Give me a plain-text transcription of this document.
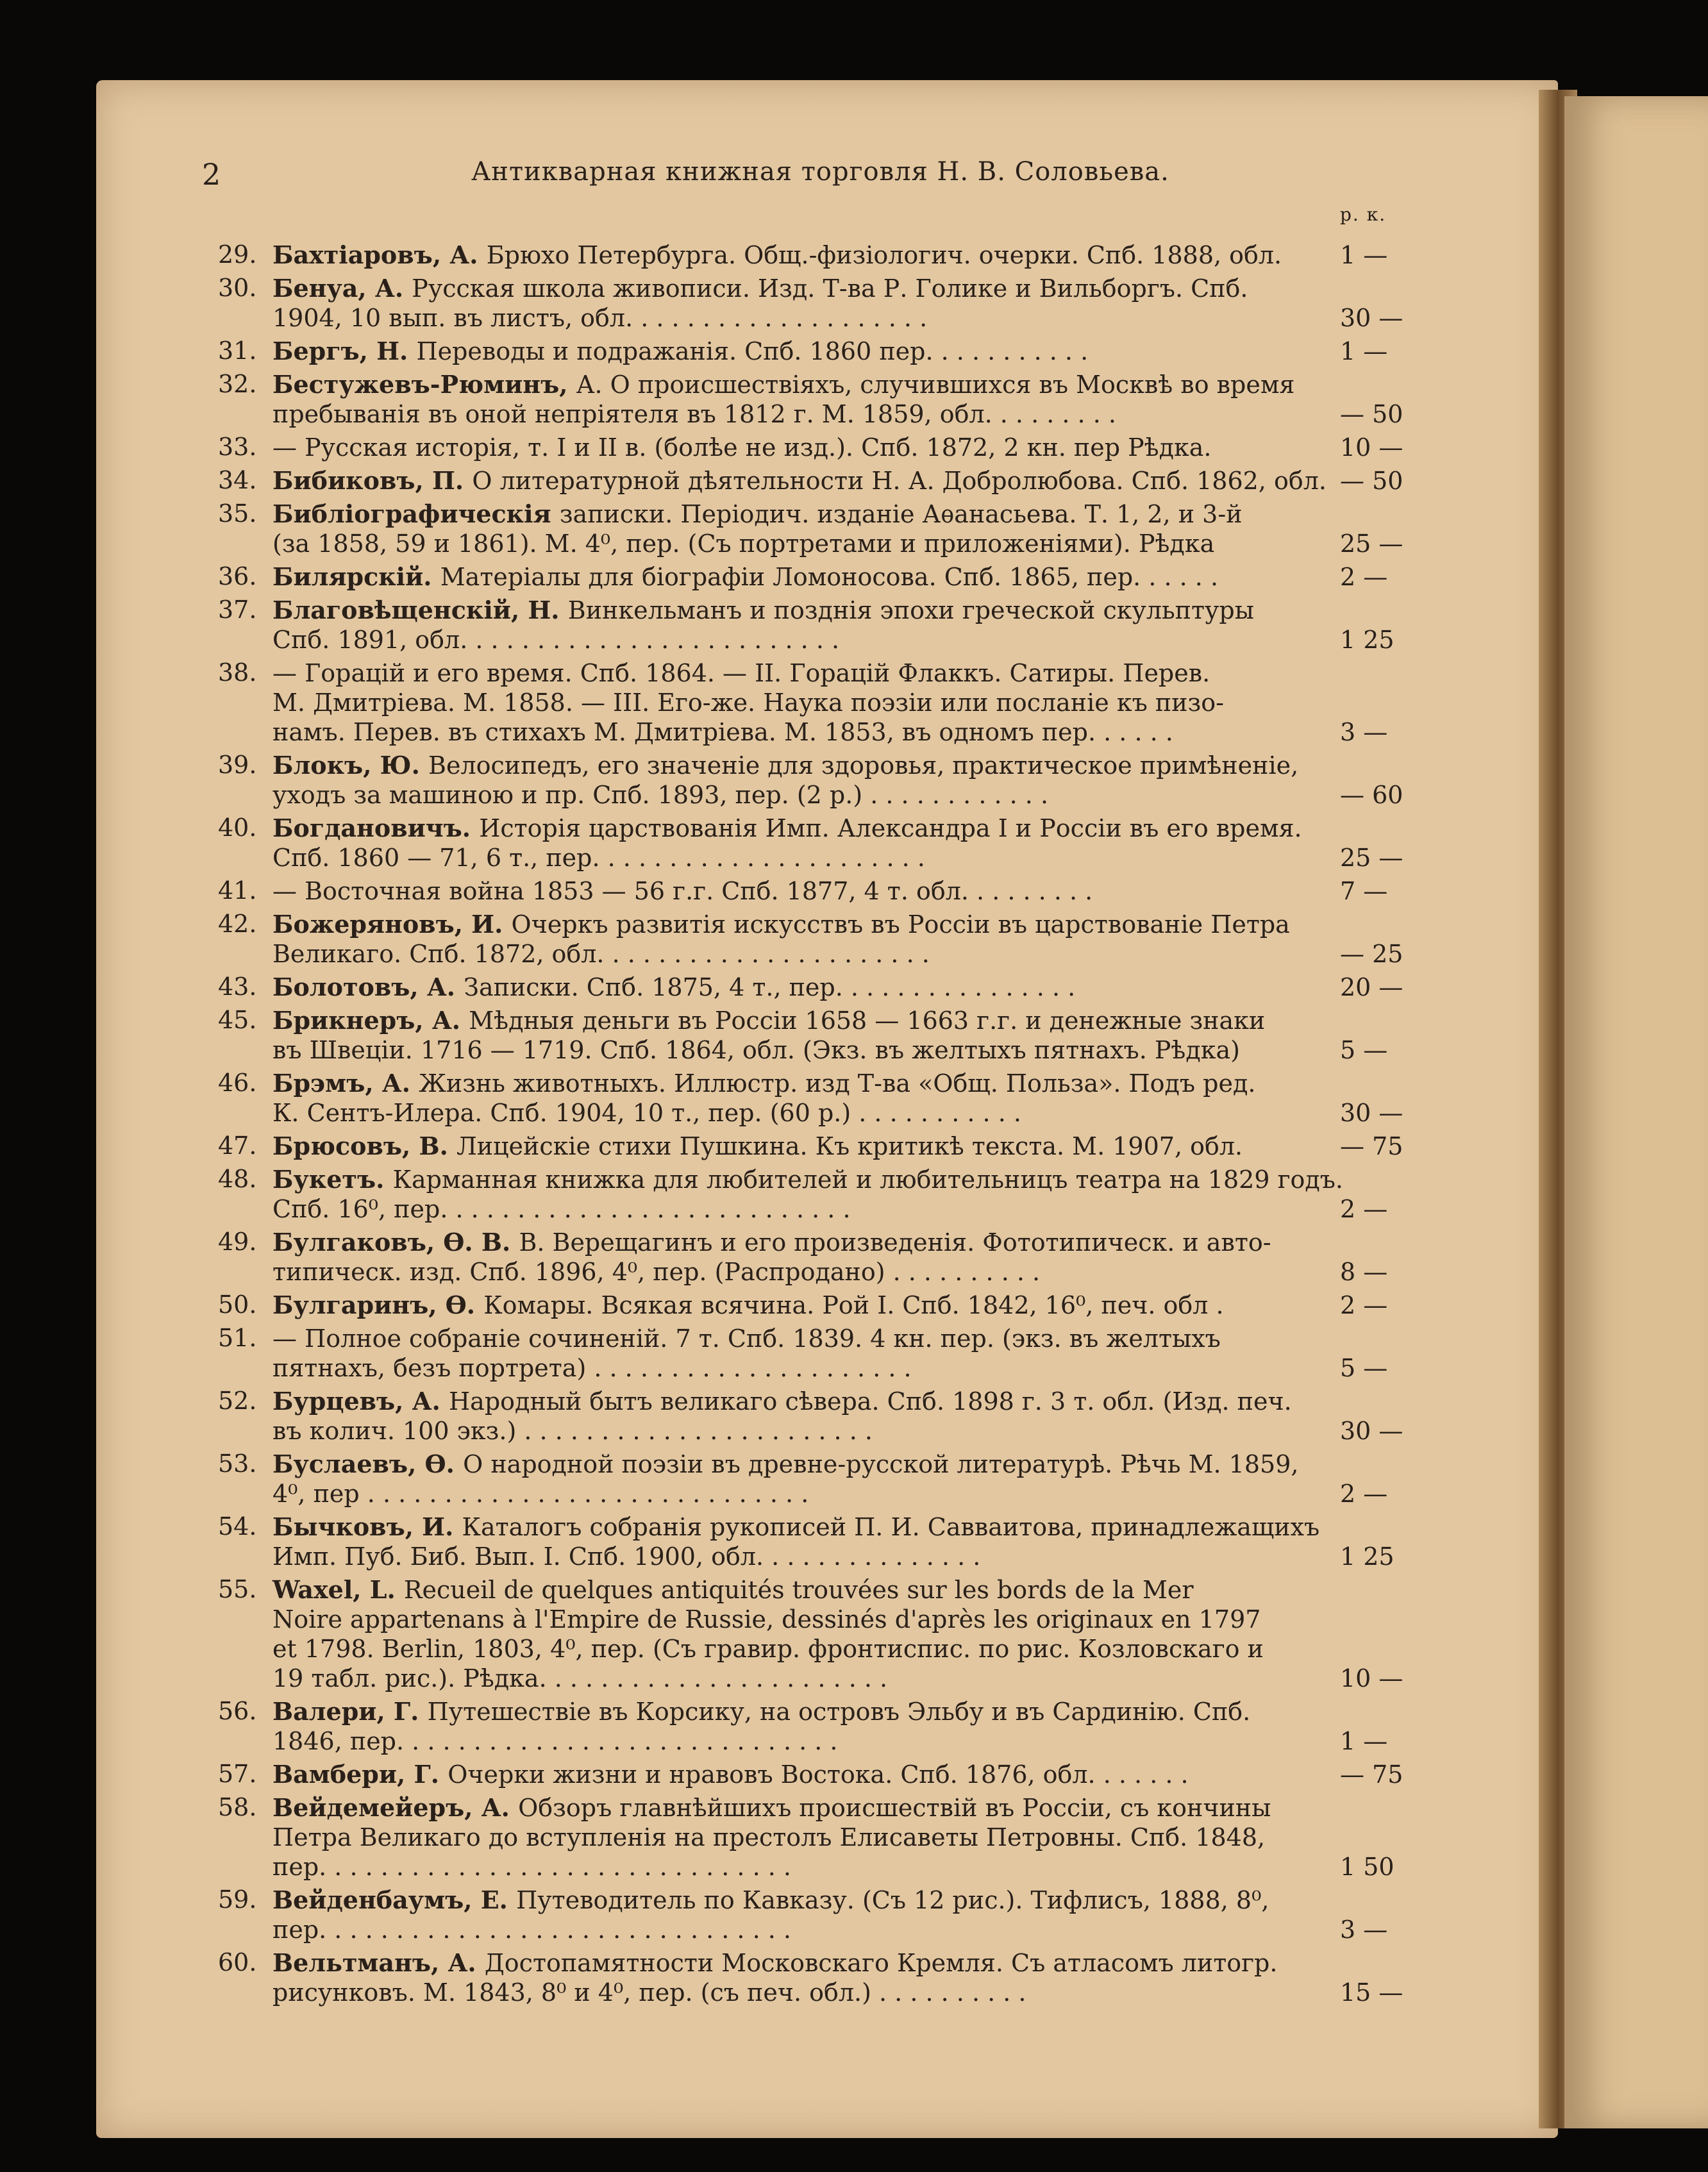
2	Антикварная книжная торговля Н. В. Соловьева.
р. к.
29. Бахтіаровъ, А. Брюхо Петербурга. Общ.-физіологич. очерки. Спб. 1888, обл.	1 —
30. Бенуа, А. Русская школа живописи. Изд. Т-ва Р. Голике и Вильборгъ. Спб.
1904, 10 вып. въ листъ, обл. . . . . . . . . . . . . . . . . . . .	30 —
31. Бергъ, Н. Переводы и подражанія. Спб. 1860 пер. . . . . . . . . . .	1 —
32. Бестужевъ-Рюминъ, А. О происшествіяхъ, случившихся въ Москвѣ во время
пребыванія въ оной непріятеля въ 1812 г. М. 1859, обл. . . . . . . . .	— 50
33. — Русская исторія, т. I и II в. (болѣе не изд.). Спб. 1872, 2 кн. пер Рѣдка.	10 —
34. Бибиковъ, П. О литературной дѣятельности Н. А. Добролюбова. Спб. 1862, обл. — 50
35. Библіографическія записки. Періодич. изданіе Аѳанасьева. Т. 1, 2, и 3-й
(за 1858, 59 и 1861). М. 4⁰, пер. (Съ портретами и приложеніями). Рѣдка	25 —
36. Билярскій. Матеріалы для біографіи Ломоносова. Спб. 1865, пер. . . . . .	2 —
37. Благовѣщенскій, Н. Винкельманъ и позднія эпохи греческой скульптуры
Спб. 1891, обл. . . . . . . . . . . . . . . . . . . . . . . . .	1 25
38. — Горацій и его время. Спб. 1864. — II. Горацій Флаккъ. Сатиры. Перев.
М. Дмитріева. М. 1858. — III. Его-же. Наука поэзіи или посланіе къ пизо-
намъ. Перев. въ стихахъ М. Дмитріева. М. 1853, въ одномъ пер. . . . . .	3 —
39. Блокъ, Ю. Велосипедъ, его значеніе для здоровья, практическое примѣненіе,
уходъ за машиною и пр. Спб. 1893, пер. (2 р.) . . . . . . . . . . . .	— 60
40. Богдановичъ. Исторія царствованія Имп. Александра I и Россіи въ его время.
Спб. 1860 — 71, 6 т., пер. . . . . . . . . . . . . . . . . . . . . .	25 —
41. — Восточная война 1853 — 56 г.г. Спб. 1877, 4 т. обл. . . . . . . . .	7 —
42. Божеряновъ, И. Очеркъ развитія искусствъ въ Россіи въ царствованіе Петра
Великаго. Спб. 1872, обл. . . . . . . . . . . . . . . . . . . . . .	— 25
43. Болотовъ, А. Записки. Спб. 1875, 4 т., пер. . . . . . . . . . . . . . . .	20 —
45. Брикнеръ, А. Мѣдныя деньги въ Россіи 1658 — 1663 г.г. и денежные знаки
въ Швеціи. 1716 — 1719. Спб. 1864, обл. (Экз. въ желтыхъ пятнахъ. Рѣдка)	5 —
46. Брэмъ, А. Жизнь животныхъ. Иллюстр. изд Т-ва «Общ. Польза». Подъ ред.
К. Сентъ-Илера. Спб. 1904, 10 т., пер. (60 р.) . . . . . . . . . . .	30 —
47. Брюсовъ, В. Лицейскіе стихи Пушкина. Къ критикѣ текста. М. 1907, обл.	— 75
48. Букетъ. Карманная книжка для любителей и любительницъ театра на 1829 годъ.
Спб. 16⁰, пер. . . . . . . . . . . . . . . . . . . . . . . . . . .	2 —
49. Булгаковъ, Ѳ. В. В. Верещагинъ и его произведенія. Фототипическ. и авто-
типическ. изд. Спб. 1896, 4⁰, пер. (Распродано) . . . . . . . . . .	8 —
50. Булгаринъ, Ѳ. Комары. Всякая всячина. Рой I. Спб. 1842, 16⁰, печ. обл .	2 —
51. — Полное собраніе сочиненій. 7 т. Спб. 1839. 4 кн. пер. (экз. въ желтыхъ
пятнахъ, безъ портрета) . . . . . . . . . . . . . . . . . . . . .	5 —
52. Бурцевъ, А. Народный бытъ великаго сѣвера. Спб. 1898 г. 3 т. обл. (Изд. печ.
въ колич. 100 экз.) . . . . . . . . . . . . . . . . . . . . . . .	30 —
53. Буслаевъ, Ѳ. О народной поэзіи въ древне-русской литературѣ. Рѣчь М. 1859,
4⁰, пер . . . . . . . . . . . . . . . . . . . . . . . . . . . . .	2 —
54. Бычковъ, И. Каталогъ собранія рукописей П. И. Савваитова, принадлежащихъ
Имп. Пуб. Биб. Вып. I. Спб. 1900, обл. . . . . . . . . . . . . . .	1 25
55. Waxel, L. Recueil de quelques antiquités trouvées sur les bords de la Mer
Noire appartenans à l'Empire de Russie, dessinés d'après les originaux en 1797
et 1798. Berlin, 1803, 4⁰, пер. (Съ гравир. фронтиспис. по рис. Козловскаго и
19 табл. рис.). Рѣдка. . . . . . . . . . . . . . . . . . . . . . .	10 —
56. Валери, Г. Путешествіе въ Корсику, на островъ Эльбу и въ Сардинію. Спб.
1846, пер. . . . . . . . . . . . . . . . . . . . . . . . . . . . .	1 —
57. Вамбери, Г. Очерки жизни и нравовъ Востока. Спб. 1876, обл. . . . . . .	— 75
58. Вейдемейеръ, А. Обзоръ главнѣйшихъ происшествій въ Россіи, съ кончины
Петра Великаго до вступленія на престолъ Елисаветы Петровны. Спб. 1848,
пер. . . . . . . . . . . . . . . . . . . . . . . . . . . . . . .	1 50
59. Вейденбаумъ, Е. Путеводитель по Кавказу. (Съ 12 рис.). Тифлисъ, 1888, 8⁰,
пер. . . . . . . . . . . . . . . . . . . . . . . . . . . . . . .	3 —
60. Вельтманъ, А. Достопамятности Московскаго Кремля. Съ атласомъ литогр.
рисунковъ. М. 1843, 8⁰ и 4⁰, пер. (съ печ. обл.) . . . . . . . . . .	15 —
